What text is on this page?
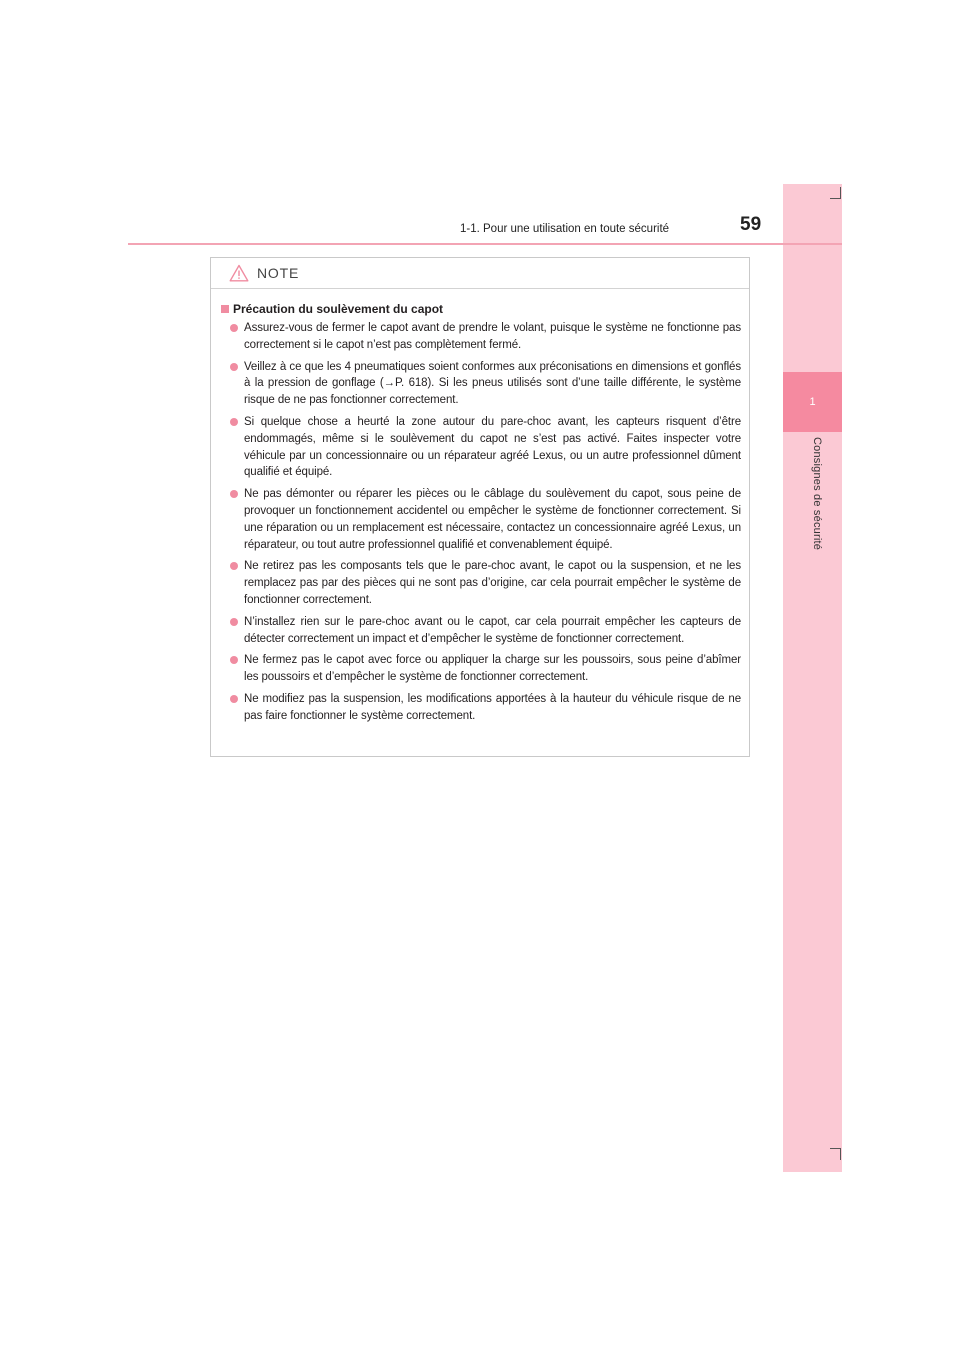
1
Consignes de sécurité
1-1. Pour une utilisation en toute sécurité	59
NOTE
Précaution du soulèvement du capot
Assurez-vous de fermer le capot avant de prendre le volant, puisque le système ne fonctionne pas correctement si le capot n’est pas complètement fermé.
Veillez à ce que les 4 pneumatiques soient conformes aux préconisations en dimensions et gonflés à la pression de gonflage (→P. 618). Si les pneus utilisés sont d’une taille différente, le système risque de ne pas fonctionner correctement.
Si quelque chose a heurté la zone autour du pare-choc avant, les capteurs risquent d’être endommagés, même si le soulèvement du capot ne s’est pas activé. Faites inspecter votre véhicule par un concessionnaire ou un réparateur agréé Lexus, ou un autre professionnel dûment qualifié et équipé.
Ne pas démonter ou réparer les pièces ou le câblage du soulèvement du capot, sous peine de provoquer un fonctionnement accidentel ou empêcher le système de fonctionner correctement. Si une réparation ou un remplacement est nécessaire, contactez un concessionnaire agréé Lexus, un réparateur, ou tout autre professionnel qualifié et convenablement équipé.
Ne retirez pas les composants tels que le pare-choc avant, le capot ou la suspension, et ne les remplacez pas par des pièces qui ne sont pas d’origine, car cela pourrait empêcher le système de fonctionner correctement.
N’installez rien sur le pare-choc avant ou le capot, car cela pourrait empêcher les capteurs de détecter correctement un impact et d’empêcher le système de fonctionner correctement.
Ne fermez pas le capot avec force ou appliquer la charge sur les poussoirs, sous peine d’abîmer les poussoirs et d’empêcher le système de fonctionner correctement.
Ne modifiez pas la suspension, les modifications apportées à la hauteur du véhicule risque de ne pas faire fonctionner le système correctement.
